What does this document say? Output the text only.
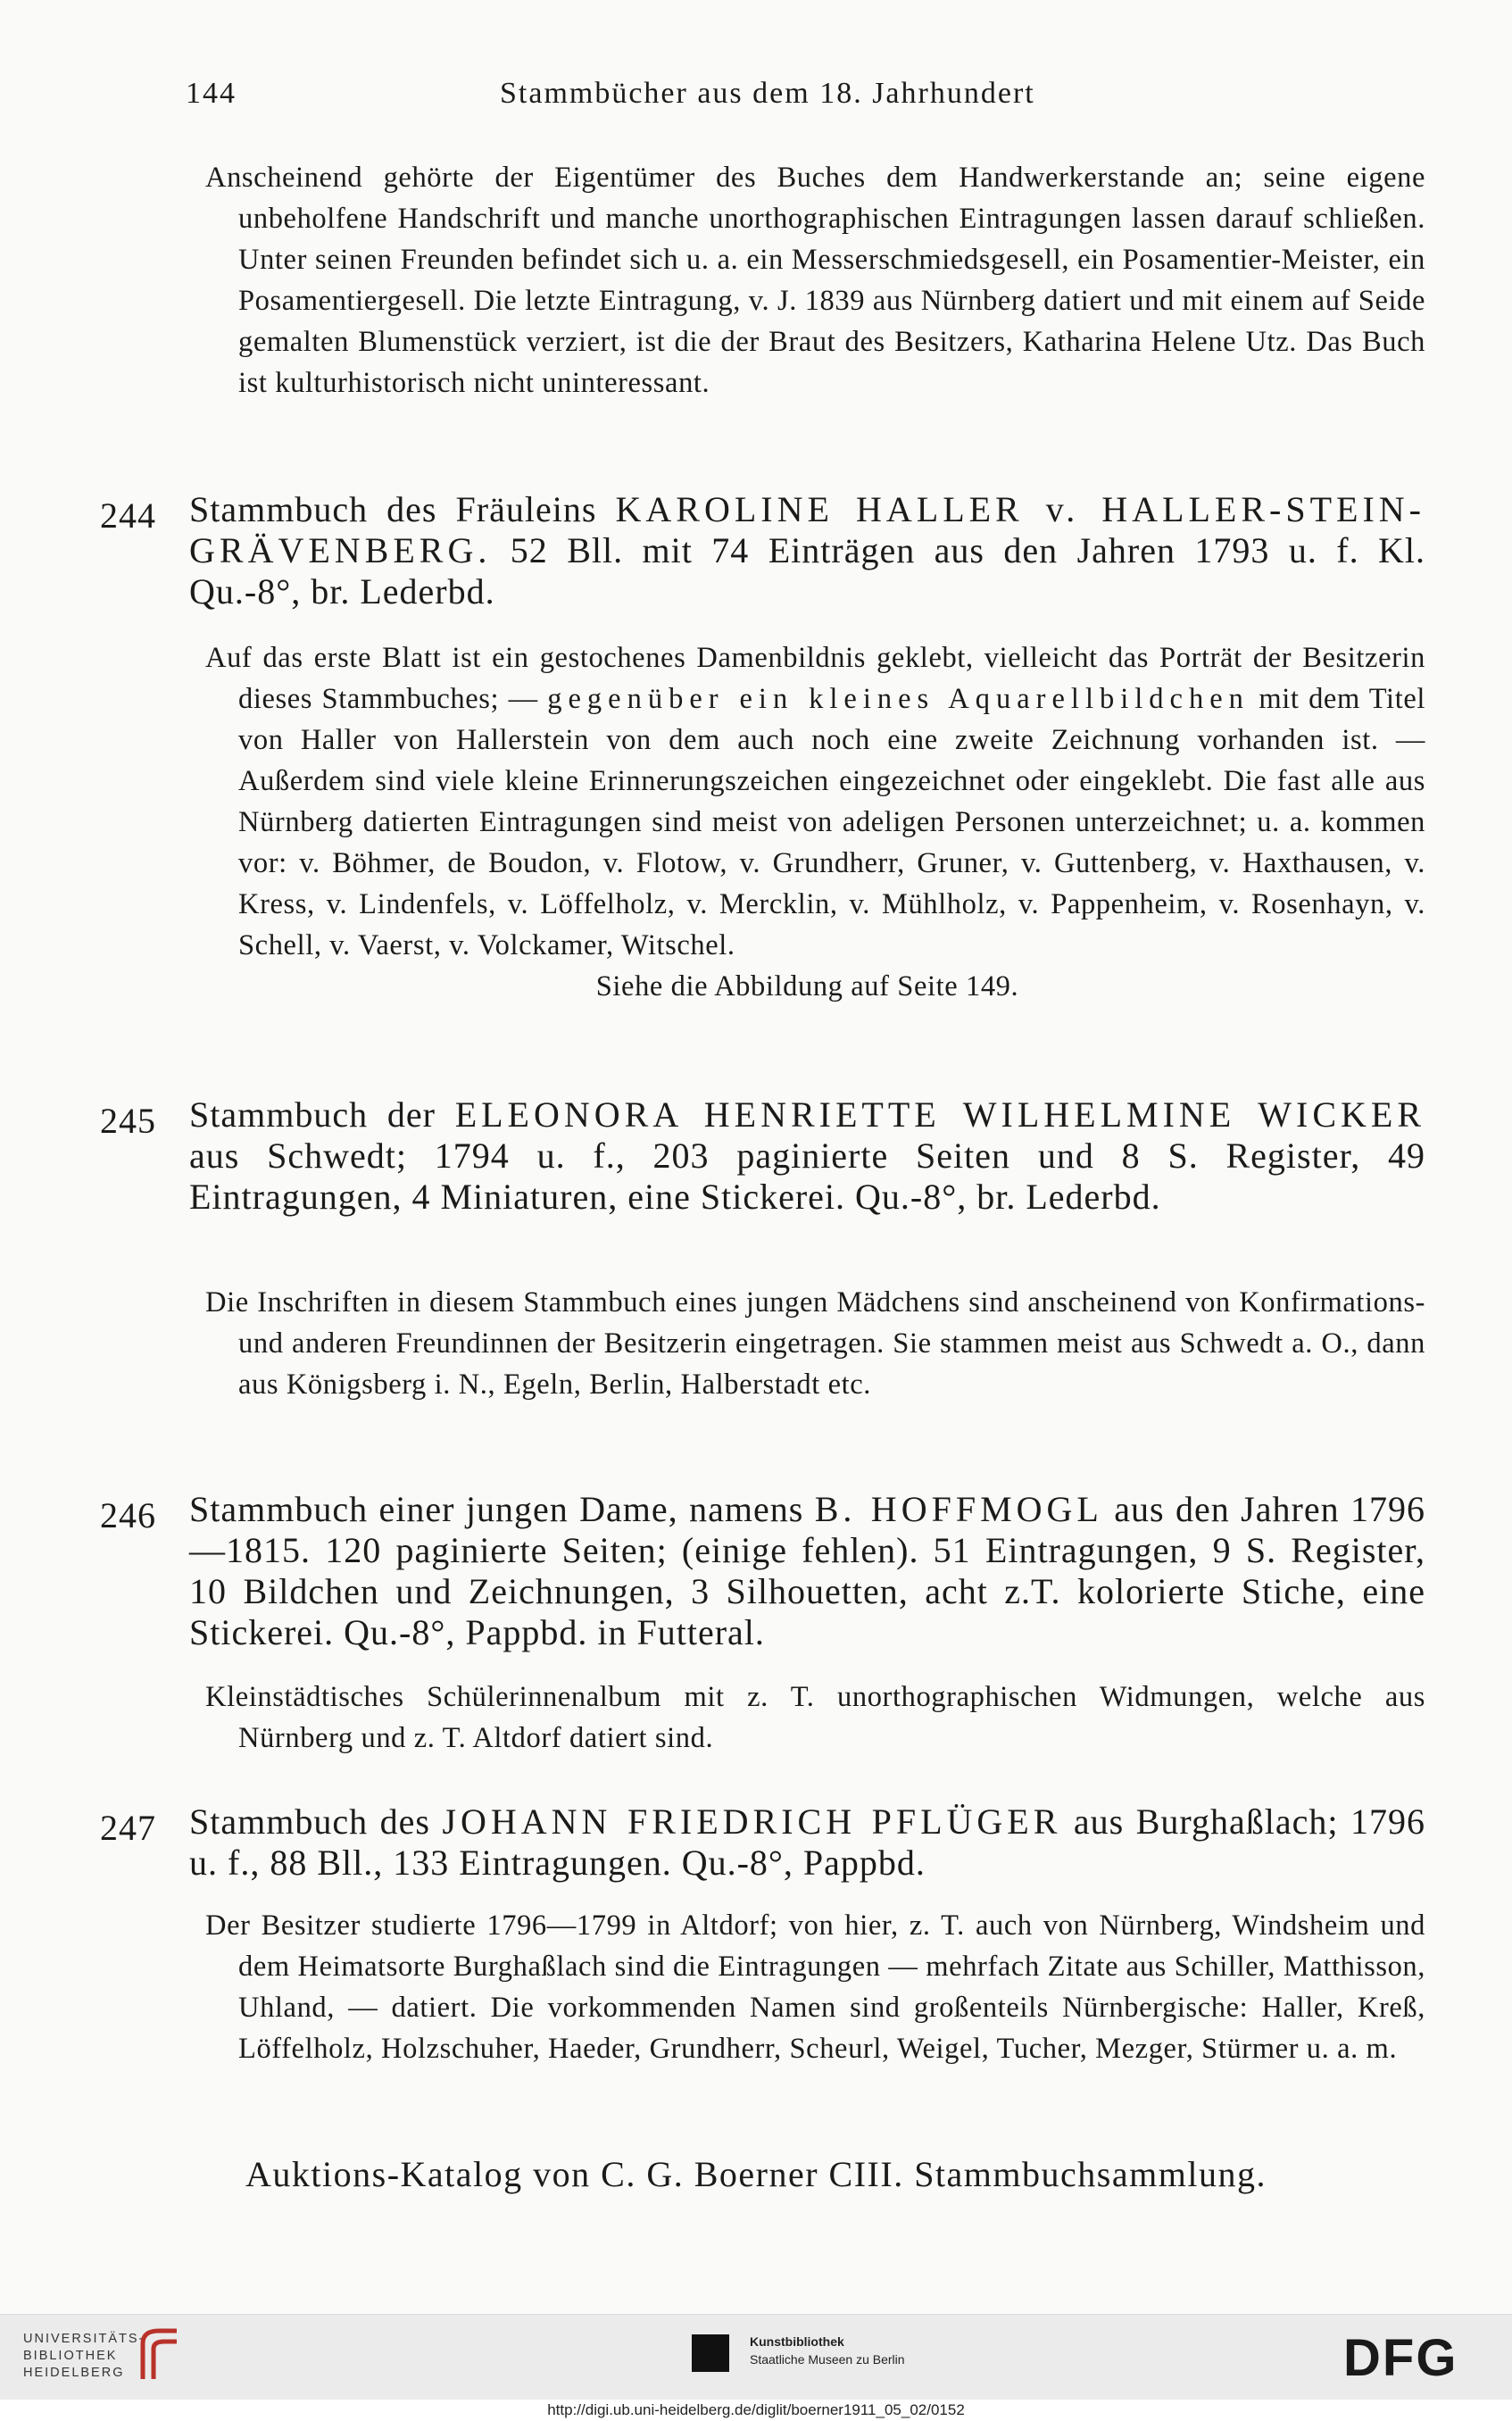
144	Stammbücher aus dem 18. Jahrhundert

Anscheinend gehörte der Eigentümer des Buches dem Handwerkerstande an; seine eigene unbeholfene Handschrift und manche unorthographischen Eintragungen lassen darauf schließen. Unter seinen Freunden befindet sich u. a. ein Messerschmiedsgesell, ein Posamentier-Meister, ein Posamentiergesell. Die letzte Eintragung, v. J. 1839 aus Nürnberg datiert und mit einem auf Seide gemalten Blumenstück verziert, ist die der Braut des Besitzers, Katharina Helene Utz. Das Buch ist kulturhistorisch nicht uninteressant.

244 Stammbuch des Fräuleins KAROLINE HALLER v. HALLER-STEIN-GRÄVENBERG. 52 Bll. mit 74 Einträgen aus den Jahren 1793 u. f. Kl. Qu.-8°, br. Lederbd.

Auf das erste Blatt ist ein gestochenes Damenbildnis geklebt, vielleicht das Porträt der Besitzerin dieses Stammbuches; — gegenüber ein kleines Aquarellbildchen mit dem Titel von Haller von Hallerstein von dem auch noch eine zweite Zeichnung vorhanden ist. — Außerdem sind viele kleine Erinnerungszeichen eingezeichnet oder eingeklebt. Die fast alle aus Nürnberg datierten Eintragungen sind meist von adeligen Personen unterzeichnet; u. a. kommen vor: v. Böhmer, de Boudon, v. Flotow, v. Grundherr, Gruner, v. Guttenberg, v. Haxthausen, v. Kress, v. Lindenfels, v. Löffelholz, v. Mercklin, v. Mühlholz, v. Pappenheim, v. Rosenhayn, v. Schell, v. Vaerst, v. Volckamer, Witschel.

Siehe die Abbildung auf Seite 149.

245 Stammbuch der ELEONORA HENRIETTE WILHELMINE WICKER aus Schwedt; 1794 u. f., 203 paginierte Seiten und 8 S. Register, 49 Eintragungen, 4 Miniaturen, eine Stickerei. Qu.-8°, br. Lederbd.

Die Inschriften in diesem Stammbuch eines jungen Mädchens sind anscheinend von Konfirmations- und anderen Freundinnen der Besitzerin eingetragen. Sie stammen meist aus Schwedt a. O., dann aus Königsberg i. N., Egeln, Berlin, Halberstadt etc.

246 Stammbuch einer jungen Dame, namens B. HOFFMOGL aus den Jahren 1796—1815. 120 paginierte Seiten; (einige fehlen). 51 Eintragungen, 9 S. Register, 10 Bildchen und Zeichnungen, 3 Silhouetten, acht z.T. kolorierte Stiche, eine Stickerei. Qu.-8°, Pappbd. in Futteral.

Kleinstädtisches Schülerinnenalbum mit z. T. unorthographischen Widmungen, welche aus Nürnberg und z. T. Altdorf datiert sind.

247 Stammbuch des JOHANN FRIEDRICH PFLÜGER aus Burghaßlach; 1796 u. f., 88 Bll., 133 Eintragungen. Qu.-8°, Pappbd.

Der Besitzer studierte 1796—1799 in Altdorf; von hier, z. T. auch von Nürnberg, Windsheim und dem Heimatsorte Burghaßlach sind die Eintragungen — mehrfach Zitate aus Schiller, Matthisson, Uhland, — datiert. Die vorkommenden Namen sind großenteils Nürnbergische: Haller, Kreß, Löffelholz, Holzschuher, Haeder, Grundherr, Scheurl, Weigel, Tucher, Mezger, Stürmer u. a. m.

Auktions-Katalog von C. G. Boerner CIII. Stammbuchsammlung.
UNIVERSITÄTS-
BIBLIOTHEK
HEIDELBERG
Kunstbibliothek
Staatliche Museen zu Berlin	DFG
http://digi.ub.uni-heidelberg.de/diglit/boerner1911_05_02/0152
